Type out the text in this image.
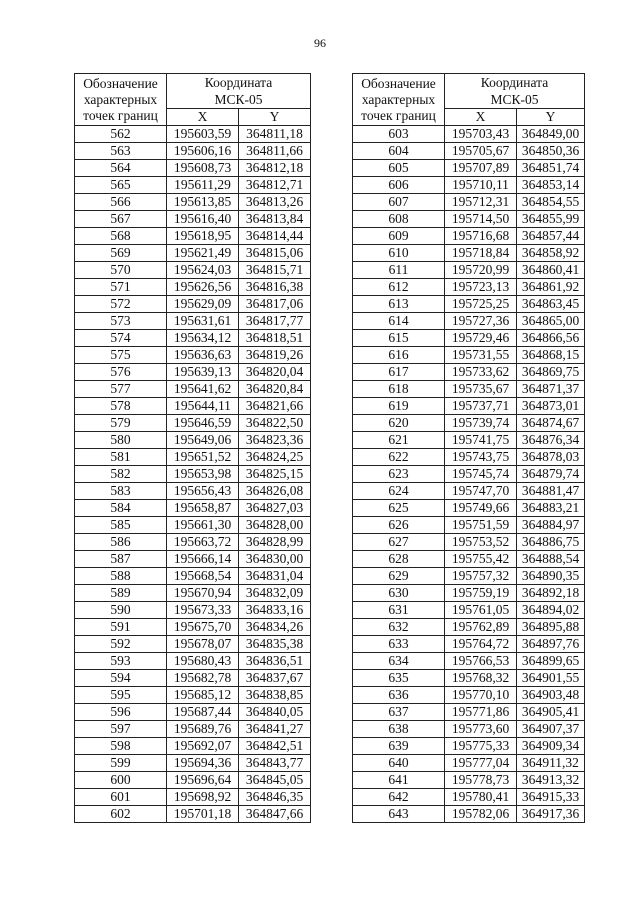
96
Обозначение
характерных
точек границ	Координата
МСК-05	
	X	Y
562	195603,59	364811,18
563	195606,16	364811,66
564	195608,73	364812,18
565	195611,29	364812,71
566	195613,85	364813,26
567	195616,40	364813,84
568	195618,95	364814,44
569	195621,49	364815,06
570	195624,03	364815,71
571	195626,56	364816,38
572	195629,09	364817,06
573	195631,61	364817,77
574	195634,12	364818,51
575	195636,63	364819,26
576	195639,13	364820,04
577	195641,62	364820,84
578	195644,11	364821,66
579	195646,59	364822,50
580	195649,06	364823,36
581	195651,52	364824,25
582	195653,98	364825,15
583	195656,43	364826,08
584	195658,87	364827,03
585	195661,30	364828,00
586	195663,72	364828,99
587	195666,14	364830,00
588	195668,54	364831,04
589	195670,94	364832,09
590	195673,33	364833,16
591	195675,70	364834,26
592	195678,07	364835,38
593	195680,43	364836,51
594	195682,78	364837,67
595	195685,12	364838,85
596	195687,44	364840,05
597	195689,76	364841,27
598	195692,07	364842,51
599	195694,36	364843,77
600	195696,64	364845,05
601	195698,92	364846,35
602	195701,18	364847,66
Обозначение
характерных
точек границ	Координата
МСК-05	
	X	Y
603	195703,43	364849,00
604	195705,67	364850,36
605	195707,89	364851,74
606	195710,11	364853,14
607	195712,31	364854,55
608	195714,50	364855,99
609	195716,68	364857,44
610	195718,84	364858,92
611	195720,99	364860,41
612	195723,13	364861,92
613	195725,25	364863,45
614	195727,36	364865,00
615	195729,46	364866,56
616	195731,55	364868,15
617	195733,62	364869,75
618	195735,67	364871,37
619	195737,71	364873,01
620	195739,74	364874,67
621	195741,75	364876,34
622	195743,75	364878,03
623	195745,74	364879,74
624	195747,70	364881,47
625	195749,66	364883,21
626	195751,59	364884,97
627	195753,52	364886,75
628	195755,42	364888,54
629	195757,32	364890,35
630	195759,19	364892,18
631	195761,05	364894,02
632	195762,89	364895,88
633	195764,72	364897,76
634	195766,53	364899,65
635	195768,32	364901,55
636	195770,10	364903,48
637	195771,86	364905,41
638	195773,60	364907,37
639	195775,33	364909,34
640	195777,04	364911,32
641	195778,73	364913,32
642	195780,41	364915,33
643	195782,06	364917,36
